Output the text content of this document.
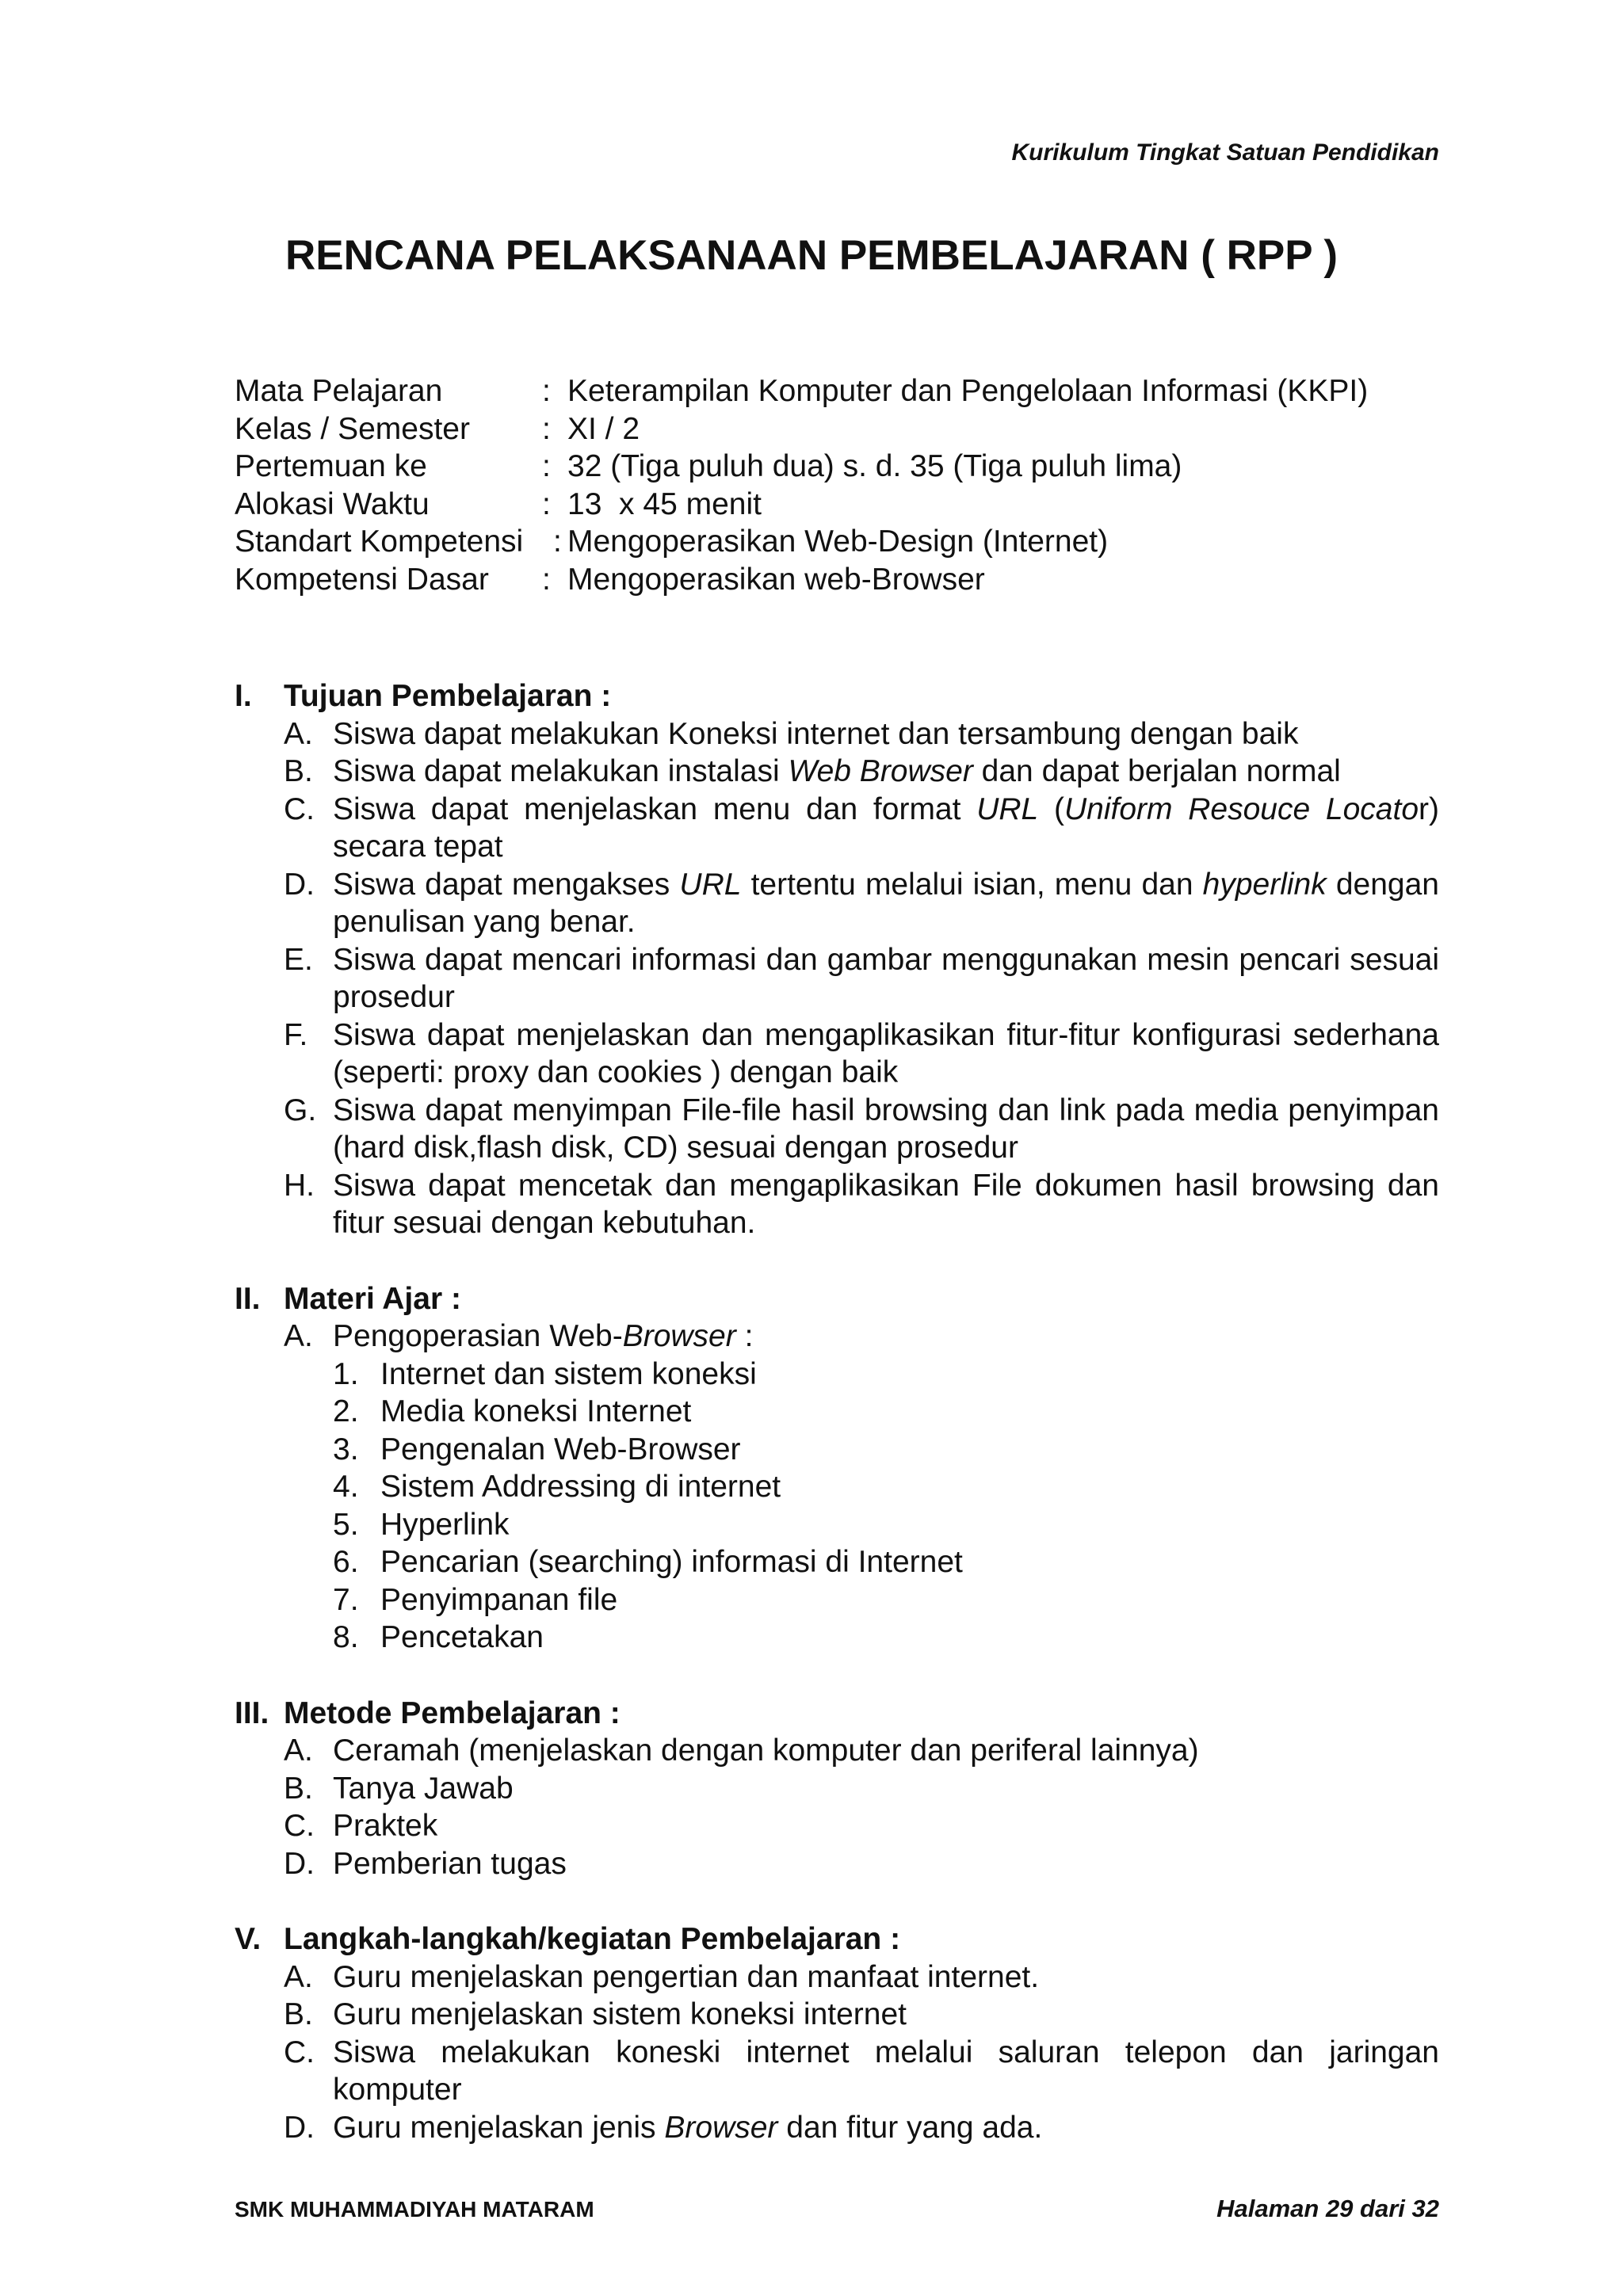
Kurikulum Tingkat Satuan Pendidikan
RENCANA PELAKSANAAN PEMBELAJARAN ( RPP )
Mata Pelajaran	: Keterampilan Komputer dan Pengelolaan Informasi (KKPI)
Kelas / Semester	: XI / 2
Pertemuan ke	: 32 (Tiga puluh dua) s. d. 35 (Tiga puluh lima)
Alokasi Waktu	: 13  x 45 menit
Standart Kompetensi : Mengoperasikan Web-Design (Internet)
Kompetensi Dasar	: Mengoperasikan web-Browser
I.	Tujuan Pembelajaran :
A. Siswa dapat melakukan Koneksi internet dan tersambung dengan baik
B. Siswa dapat melakukan instalasi Web Browser dan dapat berjalan normal
C. Siswa dapat menjelaskan menu dan format URL (Uniform Resouce Locator) secara tepat
D. Siswa dapat mengakses URL tertentu melalui isian, menu dan hyperlink dengan penulisan yang benar.
E. Siswa dapat mencari informasi dan gambar menggunakan mesin pencari sesuai prosedur
F. Siswa dapat menjelaskan dan mengaplikasikan fitur-fitur konfigurasi sederhana (seperti: proxy dan cookies ) dengan baik
G. Siswa dapat menyimpan File-file hasil browsing dan link pada media penyimpan (hard disk,flash disk, CD) sesuai dengan prosedur
H. Siswa dapat mencetak dan mengaplikasikan File dokumen hasil browsing dan fitur sesuai dengan kebutuhan.
II. Materi Ajar :
A. Pengoperasian Web-Browser :
1. Internet dan sistem koneksi
2. Media koneksi Internet
3. Pengenalan Web-Browser
4. Sistem Addressing di internet
5. Hyperlink
6. Pencarian (searching) informasi di Internet
7. Penyimpanan file
8. Pencetakan
III. Metode Pembelajaran :
A. Ceramah (menjelaskan dengan komputer dan periferal lainnya)
B. Tanya Jawab
C. Praktek
D. Pemberian tugas
V. Langkah-langkah/kegiatan Pembelajaran :
A. Guru menjelaskan pengertian dan manfaat internet.
B. Guru menjelaskan sistem koneksi internet
C. Siswa melakukan koneski internet melalui saluran telepon dan jaringan komputer
D. Guru menjelaskan jenis Browser dan fitur yang ada.
SMK MUHAMMADIYAH MATARAM	Halaman 29 dari 32
